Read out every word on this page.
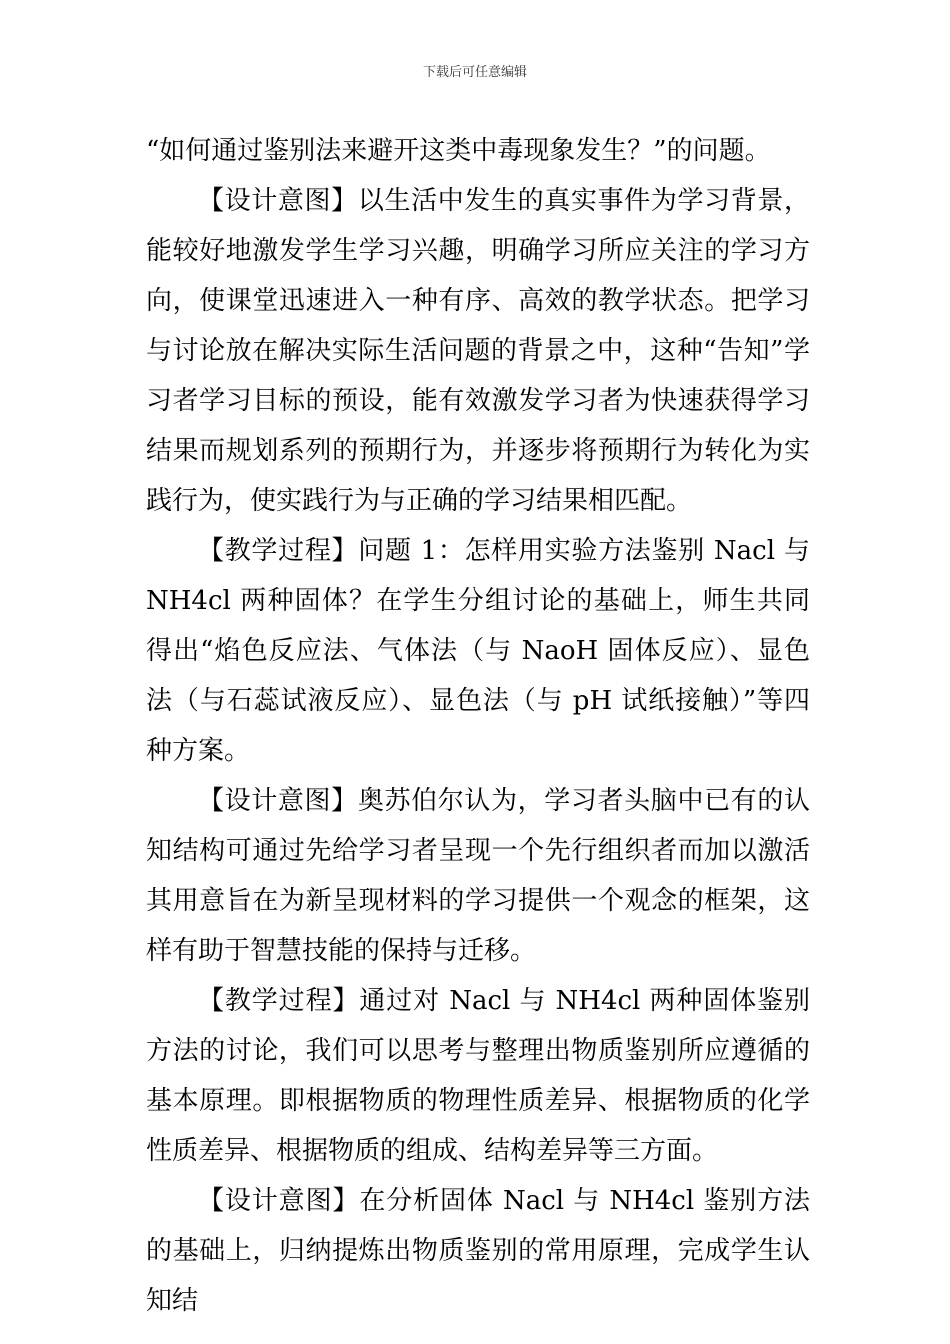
下载后可任意编辑

“如何通过鉴别法来避开这类中毒现象发生？”的问题。

【设计意图】以生活中发生的真实事件为学习背景，能较好地激发学生学习兴趣，明确学习所应关注的学习方向，使课堂迅速进入一种有序、高效的教学状态。把学习与讨论放在解决实际生活问题的背景之中，这种“告知”学习者学习目标的预设，能有效激发学习者为快速获得学习结果而规划系列的预期行为，并逐步将预期行为转化为实践行为，使实践行为与正确的学习结果相匹配。

【教学过程】问题 1：怎样用实验方法鉴别 Nacl 与 NH4cl 两种固体？在学生分组讨论的基础上，师生共同得出“焰色反应法、气体法（与 NaoH 固体反应）、显色法（与石蕊试液反应）、显色法（与 pH 试纸接触）”等四种方案。

【设计意图】奥苏伯尔认为，学习者头脑中已有的认知结构可通过先给学习者呈现一个先行组织者而加以激活其用意旨在为新呈现材料的学习提供一个观念的框架，这样有助于智慧技能的保持与迁移。

【教学过程】通过对 Nacl 与 NH4cl 两种固体鉴别方法的讨论，我们可以思考与整理出物质鉴别所应遵循的基本原理。即根据物质的物理性质差异、根据物质的化学性质差异、根据物质的组成、结构差异等三方面。

【设计意图】在分析固体 Nacl 与 NH4cl 鉴别方法的基础上，归纳提炼出物质鉴别的常用原理，完成学生认知结
